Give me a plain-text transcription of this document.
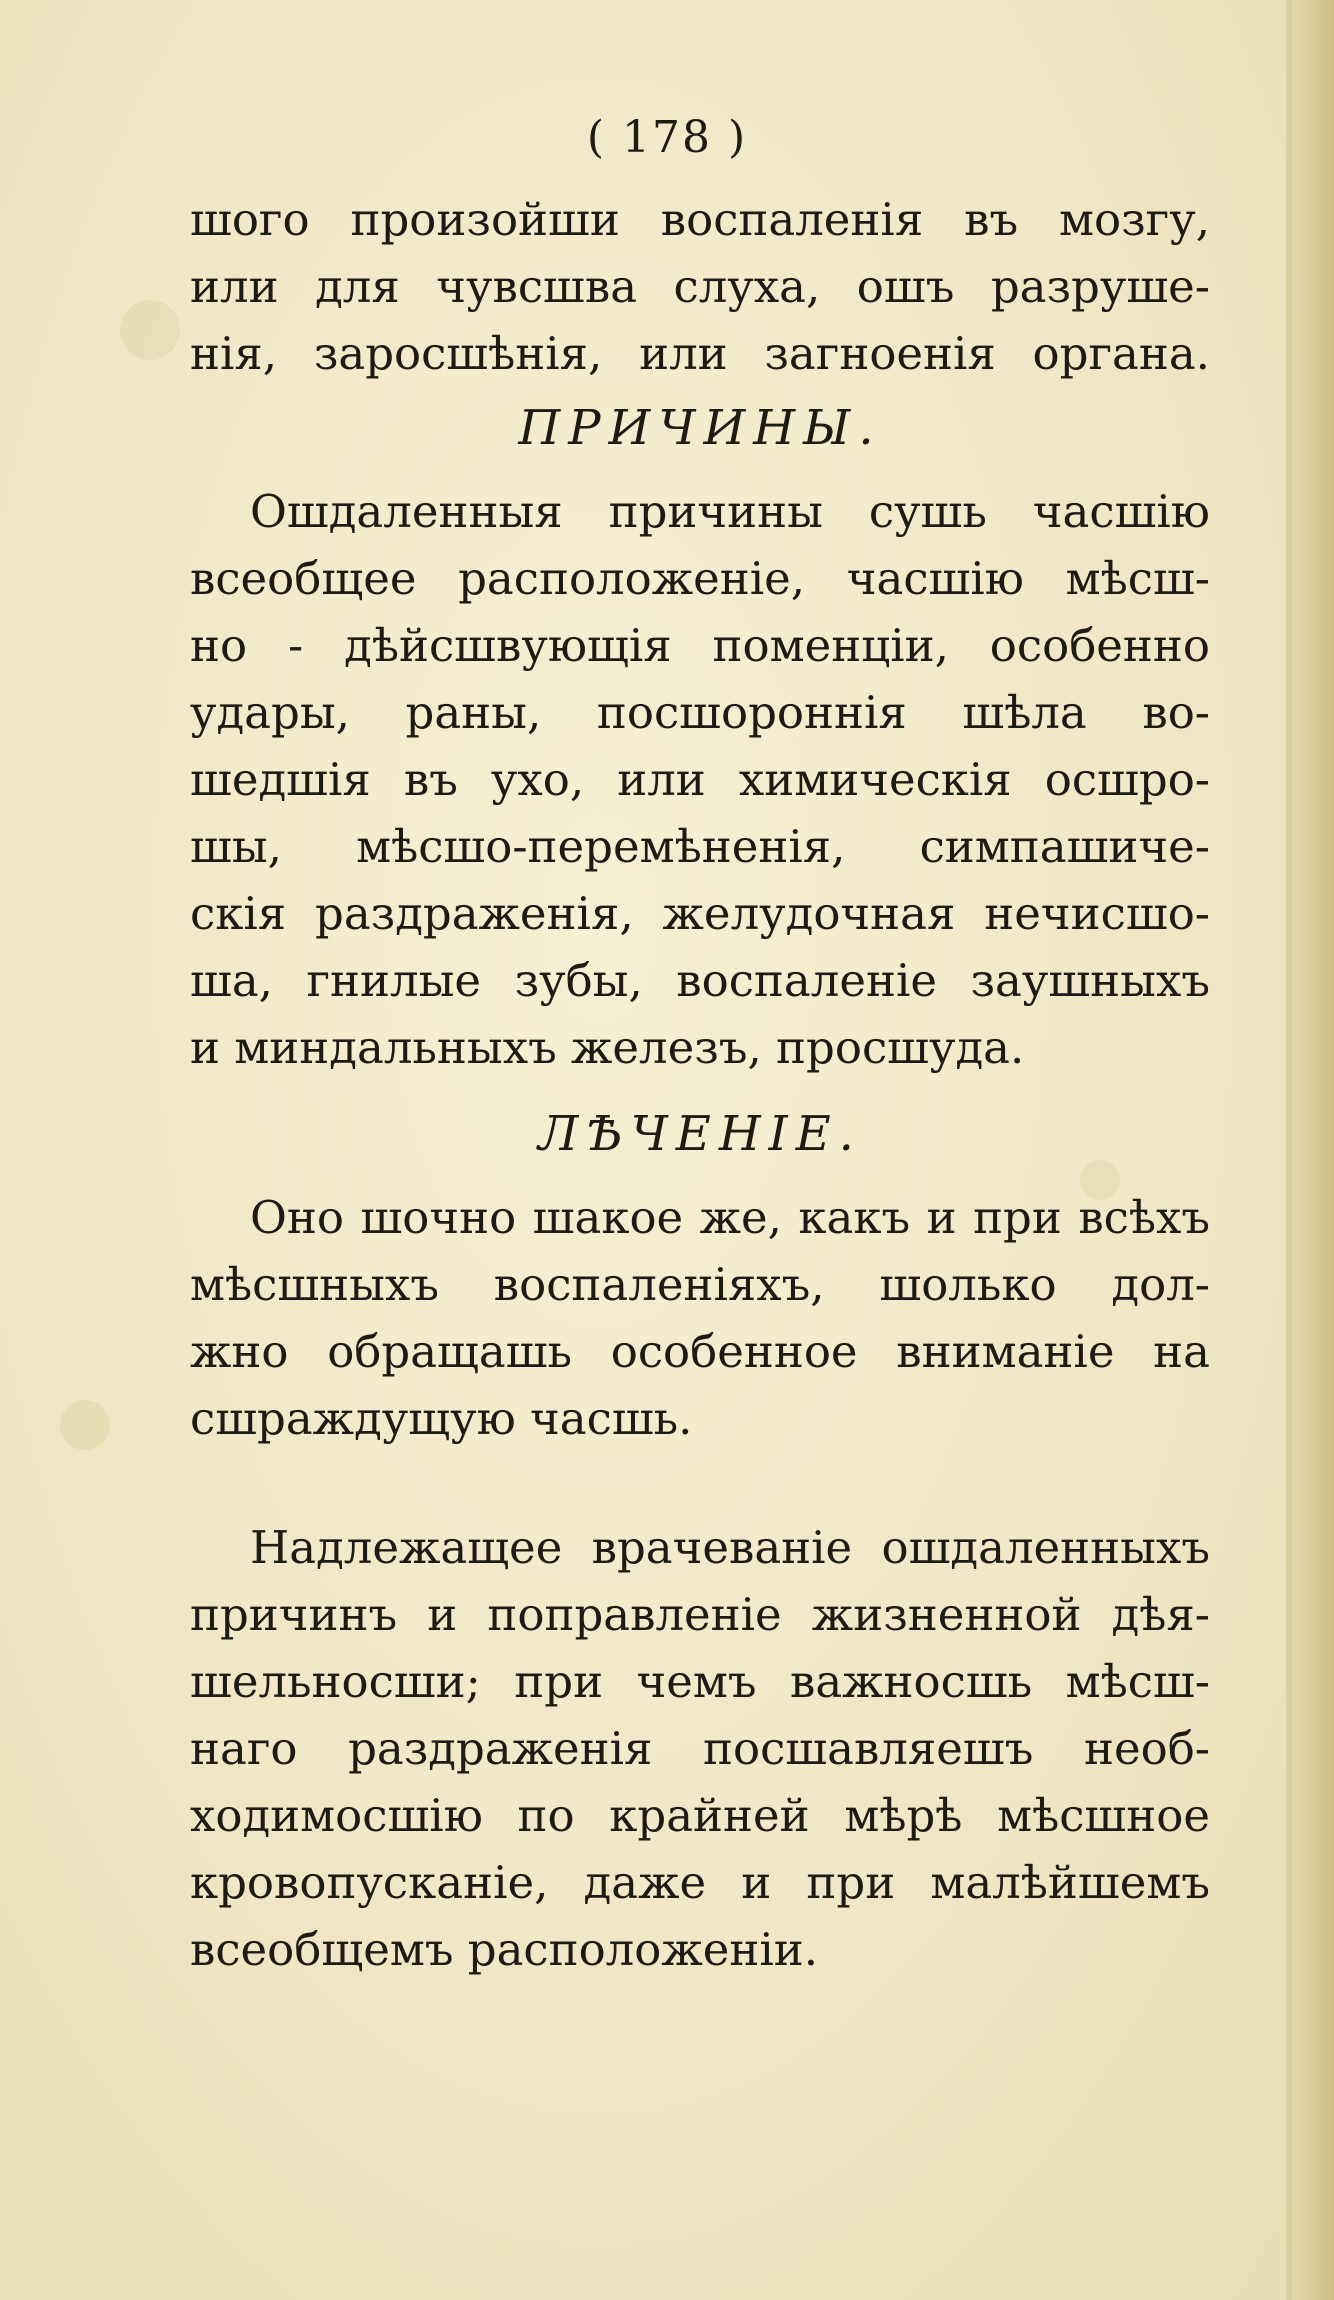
( 178 )
шого произойши воспаленія въ мозгу,
или для чувсшва слуха, ошъ разруше-
нія, заросшѣнія, или загноенія органа.
ПРИЧИНЫ.
Ошдаленныя причины сушь часшію
всеобщее расположеніе, часшію мѣсш-
но - дѣйсшвующія поменціи, особенно
удары, раны, посшороннія шѣла во-
шедшія въ ухо, или химическія осшро-
шы, мѣсшо-перемѣненія, симпашиче-
скія раздраженія, желудочная нечисшо-
ша, гнилые зубы, воспаленіе заушныхъ
и миндальныхъ железъ, просшуда.
ЛѢЧЕНІЕ.
Оно шочно шакое же, какъ и при всѣхъ
мѣсшныхъ воспаленіяхъ, шолько дол-
жно обращашь особенное вниманіе на
сшраждущую часшь.
Надлежащее врачеваніе ошдаленныхъ
причинъ и поправленіе жизненной дѣя-
шельносши; при чемъ важносшь мѣсш-
наго раздраженія посшавляешъ необ-
ходимосшію по крайней мѣрѣ мѣсшное
кровопусканіе, даже и при малѣйшемъ
всеобщемъ расположеніи.
